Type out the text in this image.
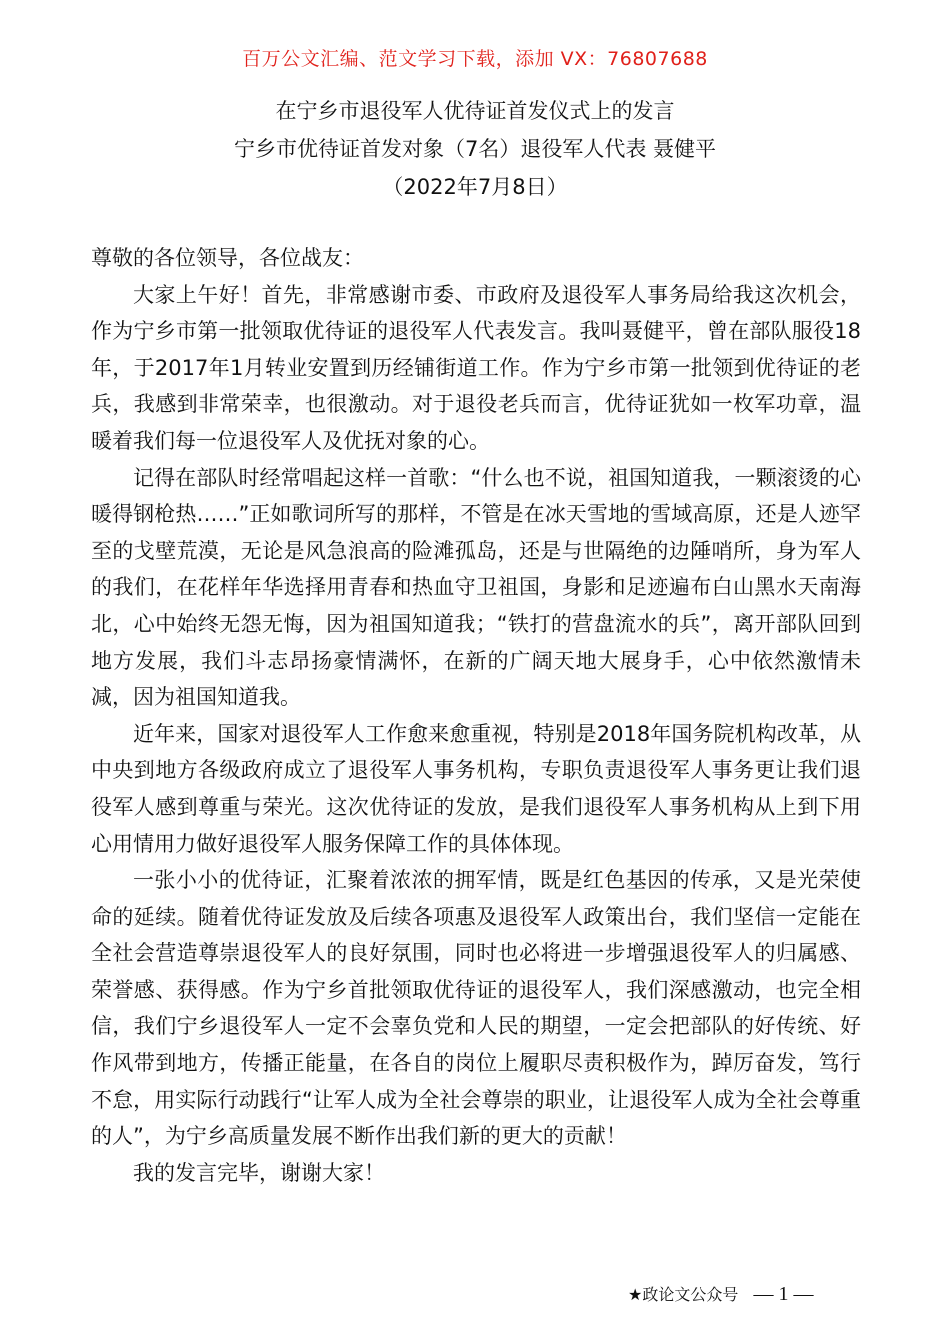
百万公文汇编、范文学习下载，添加 VX：76807688
在宁乡市退役军人优待证首发仪式上的发言
宁乡市优待证首发对象（7名）退役军人代表 聂健平
（2022年7月8日）

尊敬的各位领导，各位战友：

大家上午好！首先，非常感谢市委、市政府及退役军人事务局给我这次机会，作为宁乡市第一批领取优待证的退役军人代表发言。我叫聂健平，曾在部队服役18年，于2017年1月转业安置到历经铺街道工作。作为宁乡市第一批领到优待证的老兵，我感到非常荣幸，也很激动。对于退役老兵而言，优待证犹如一枚军功章，温暖着我们每一位退役军人及优抚对象的心。

记得在部队时经常唱起这样一首歌：“什么也不说，祖国知道我，一颗滚烫的心暖得钢枪热……”正如歌词所写的那样，不管是在冰天雪地的雪域高原，还是人迹罕至的戈壁荒漠，无论是风急浪高的险滩孤岛，还是与世隔绝的边陲哨所，身为军人的我们，在花样年华选择用青春和热血守卫祖国，身影和足迹遍布白山黑水天南海北，心中始终无怨无悔，因为祖国知道我；“铁打的营盘流水的兵”，离开部队回到地方发展，我们斗志昂扬豪情满怀，在新的广阔天地大展身手，心中依然激情未减，因为祖国知道我。

近年来，国家对退役军人工作愈来愈重视，特别是2018年国务院机构改革，从中央到地方各级政府成立了退役军人事务机构，专职负责退役军人事务更让我们退役军人感到尊重与荣光。这次优待证的发放，是我们退役军人事务机构从上到下用心用情用力做好退役军人服务保障工作的具体体现。

一张小小的优待证，汇聚着浓浓的拥军情，既是红色基因的传承，又是光荣使命的延续。随着优待证发放及后续各项惠及退役军人政策出台，我们坚信一定能在全社会营造尊崇退役军人的良好氛围，同时也必将进一步增强退役军人的归属感、荣誉感、获得感。作为宁乡首批领取优待证的退役军人，我们深感激动，也完全相信，我们宁乡退役军人一定不会辜负党和人民的期望，一定会把部队的好传统、好作风带到地方，传播正能量，在各自的岗位上履职尽责积极作为，踔厉奋发，笃行不怠，用实际行动践行“让军人成为全社会尊崇的职业，让退役军人成为全社会尊重的人”，为宁乡高质量发展不断作出我们新的更大的贡献！

我的发言完毕，谢谢大家！

★政论文公众号 — 1 —
